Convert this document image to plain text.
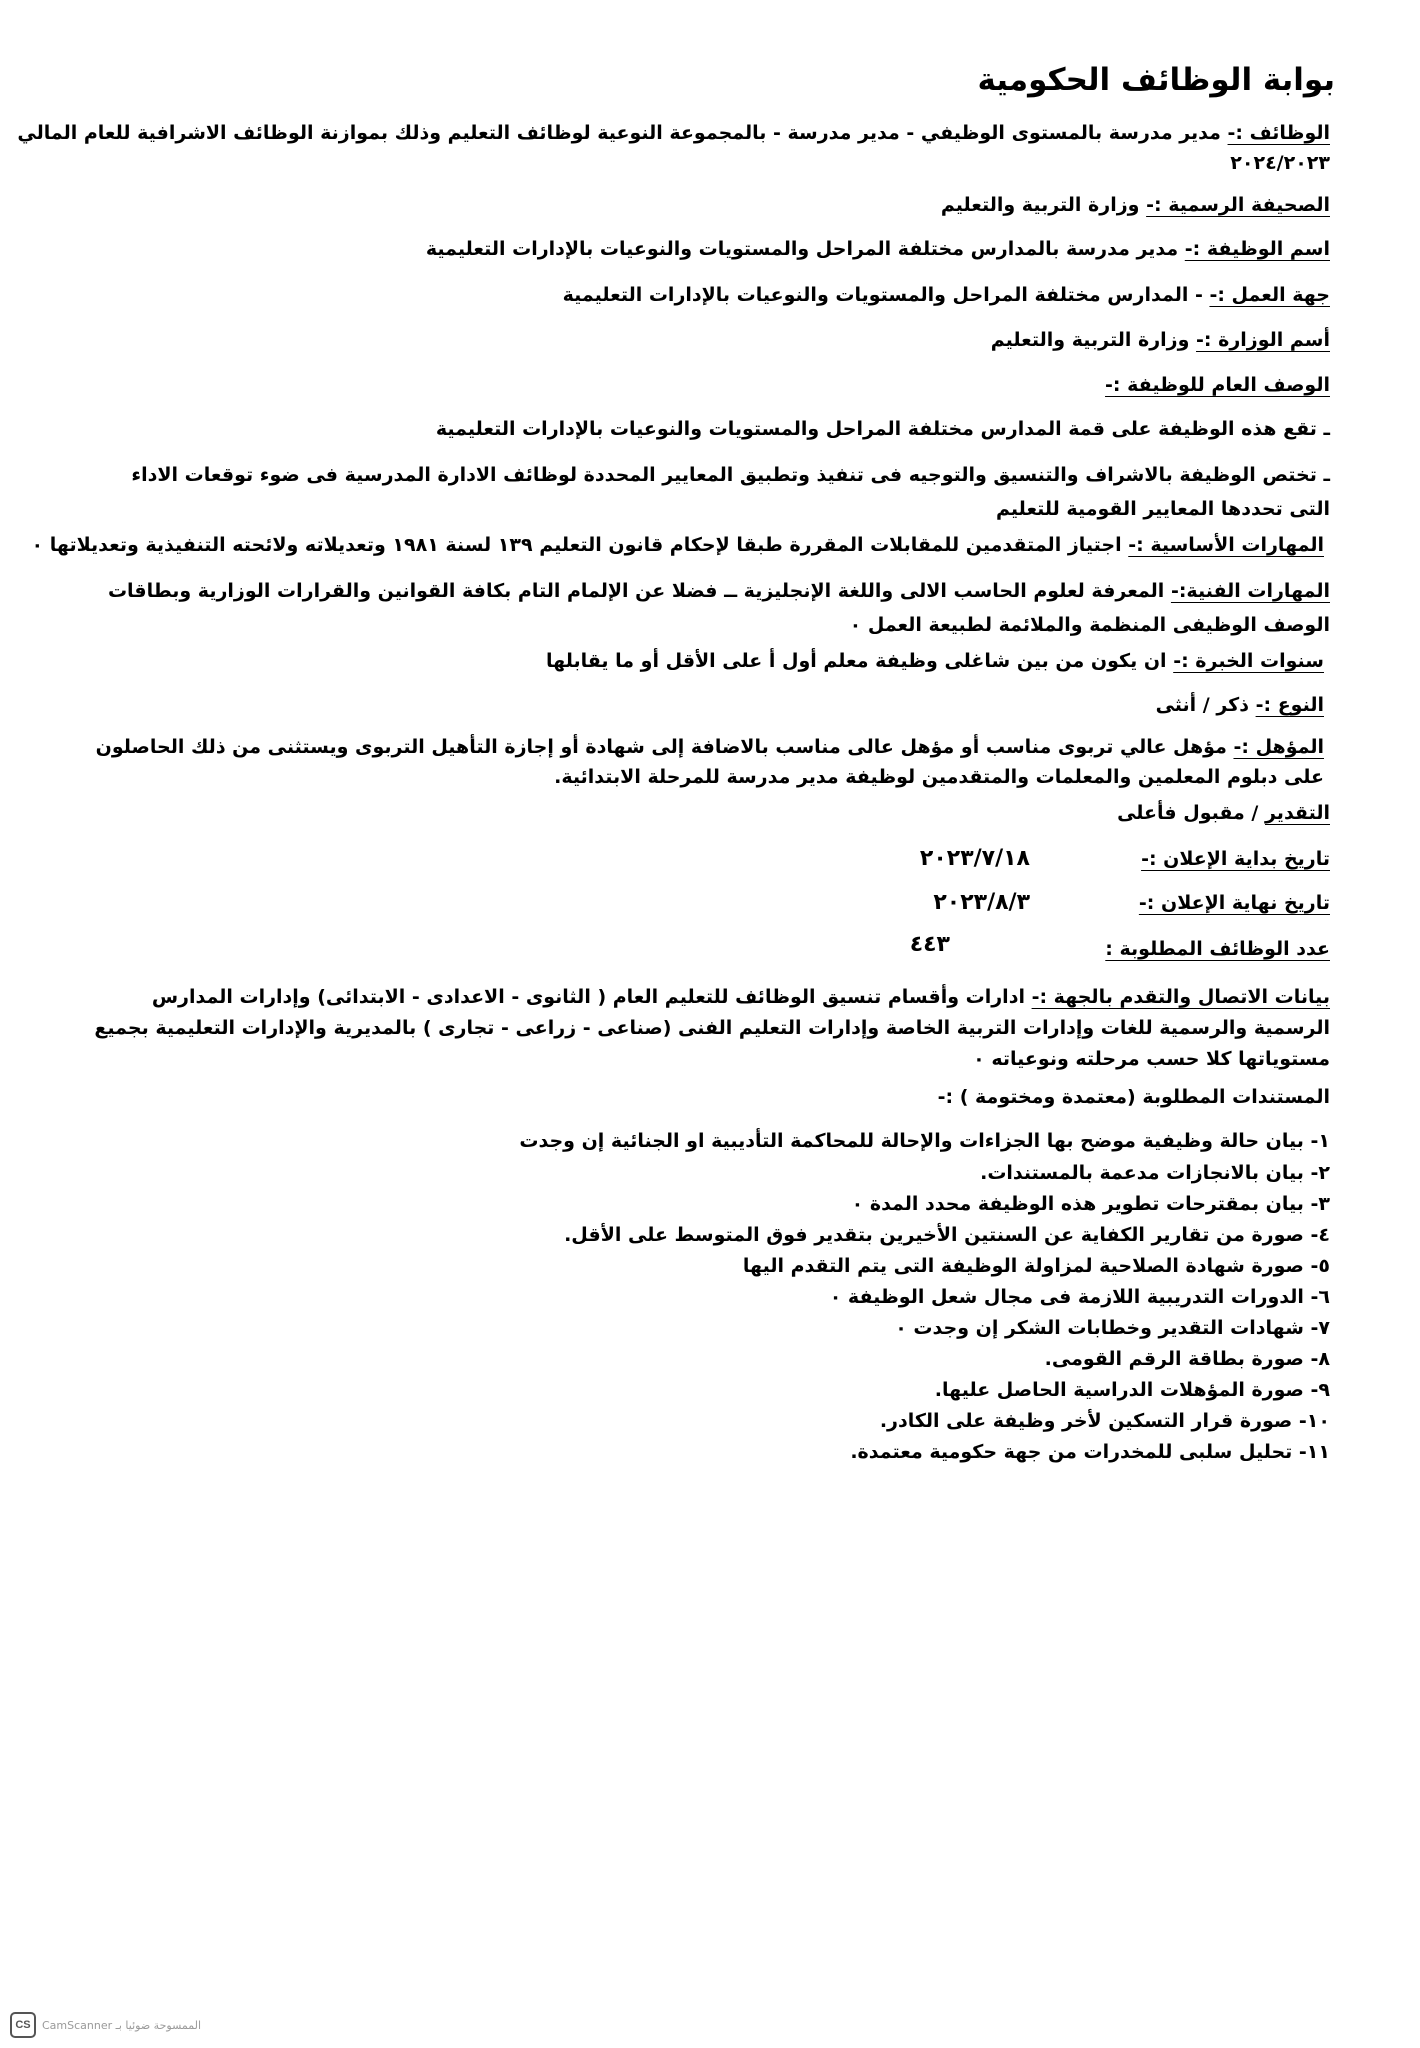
بوابة الوظائف الحكومية

الوظائف :- مدير مدرسة بالمستوى الوظيفي - مدير مدرسة - بالمجموعة النوعية لوظائف التعليم وذلك بموازنة الوظائف الاشرافية للعام المالي

٢٠٢٤/٢٠٢٣

الصحيفة الرسمية :- وزارة التربية والتعليم

اسم الوظيفة :- مدير مدرسة بالمدارس مختلفة المراحل والمستويات والنوعيات بالإدارات التعليمية

جهة العمل :- - المدارس مختلفة المراحل والمستويات والنوعيات بالإدارات التعليمية

أسم الوزارة :- وزارة التربية والتعليم

الوصف العام للوظيفة :-

ـ تقع هذه الوظيفة على قمة المدارس مختلفة المراحل والمستويات والنوعيات بالإدارات التعليمية

ـ تختص الوظيفة بالاشراف والتنسيق والتوجيه فى تنفيذ وتطبيق المعايير المحددة لوظائف الادارة المدرسية فى ضوء توقعات الاداء التى تحددها المعايير القومية للتعليم

المهارات الأساسية :- اجتياز المتقدمين للمقابلات المقررة طبقا لإحكام قانون التعليم ١٣٩ لسنة ١٩٨١ وتعديلاته ولائحته التنفيذية وتعديلاتها ٠

المهارات الفنية:- المعرفة لعلوم الحاسب الالى واللغة الإنجليزية ــ فضلا عن الإلمام التام بكافة القوانين والقرارات الوزارية وبطاقات الوصف الوظيفى المنظمة والملائمة لطبيعة العمل ٠

سنوات الخبرة :- ان يكون من بين شاغلى وظيفة معلم أول أ على الأقل أو ما يقابلها

النوع :- ذكر / أنثى

المؤهل :- مؤهل عالي تربوى مناسب أو مؤهل عالى مناسب بالاضافة إلى شهادة أو إجازة التأهيل التربوى ويستثنى من ذلك الحاصلون على دبلوم المعلمين والمعلمات والمتقدمين لوظيفة مدير مدرسة للمرحلة الابتدائية.

التقدير / مقبول فأعلى

تاريخ بداية الإعلان :-

٢٠٢٣/٧/١٨

تاريخ نهاية الإعلان :-

٢٠٢٣/٨/٣

عدد الوظائف المطلوبة :

٤٤٣

بيانات الاتصال والتقدم بالجهة :- ادارات وأقسام تنسيق الوظائف للتعليم العام ( الثانوى - الاعدادى - الابتدائى) وإدارات المدارس الرسمية والرسمية للغات وإدارات التربية الخاصة وإدارات التعليم الفنى (صناعى - زراعى - تجارى ) بالمديرية والإدارات التعليمية بجميع مستوياتها كلا حسب مرحلته ونوعياته ٠

المستندات المطلوبة (معتمدة ومختومة ) :-

١- بيان حالة وظيفية موضح بها الجزاءات والإحالة للمحاكمة التأديبية او الجنائية إن وجدت

٢- بيان بالانجازات مدعمة بالمستندات.

٣- بيان بمقترحات تطوير هذه الوظيفة محدد المدة ٠

٤- صورة من تقارير الكفاية عن السنتين الأخيرين بتقدير فوق المتوسط على الأقل.

٥- صورة شهادة الصلاحية لمزاولة الوظيفة التى يتم التقدم اليها

٦- الدورات التدريبية اللازمة فى مجال شعل الوظيفة ٠

٧- شهادات التقدير وخطابات الشكر إن وجدت ٠

٨- صورة بطاقة الرقم القومى.

٩- صورة المؤهلات الدراسية الحاصل عليها.

١٠- صورة قرار التسكين لأخر وظيفة على الكادر.

١١- تحليل سلبى للمخدرات من جهة حكومية معتمدة.

CS	الممسوحة ضوئيا بـ CamScanner
